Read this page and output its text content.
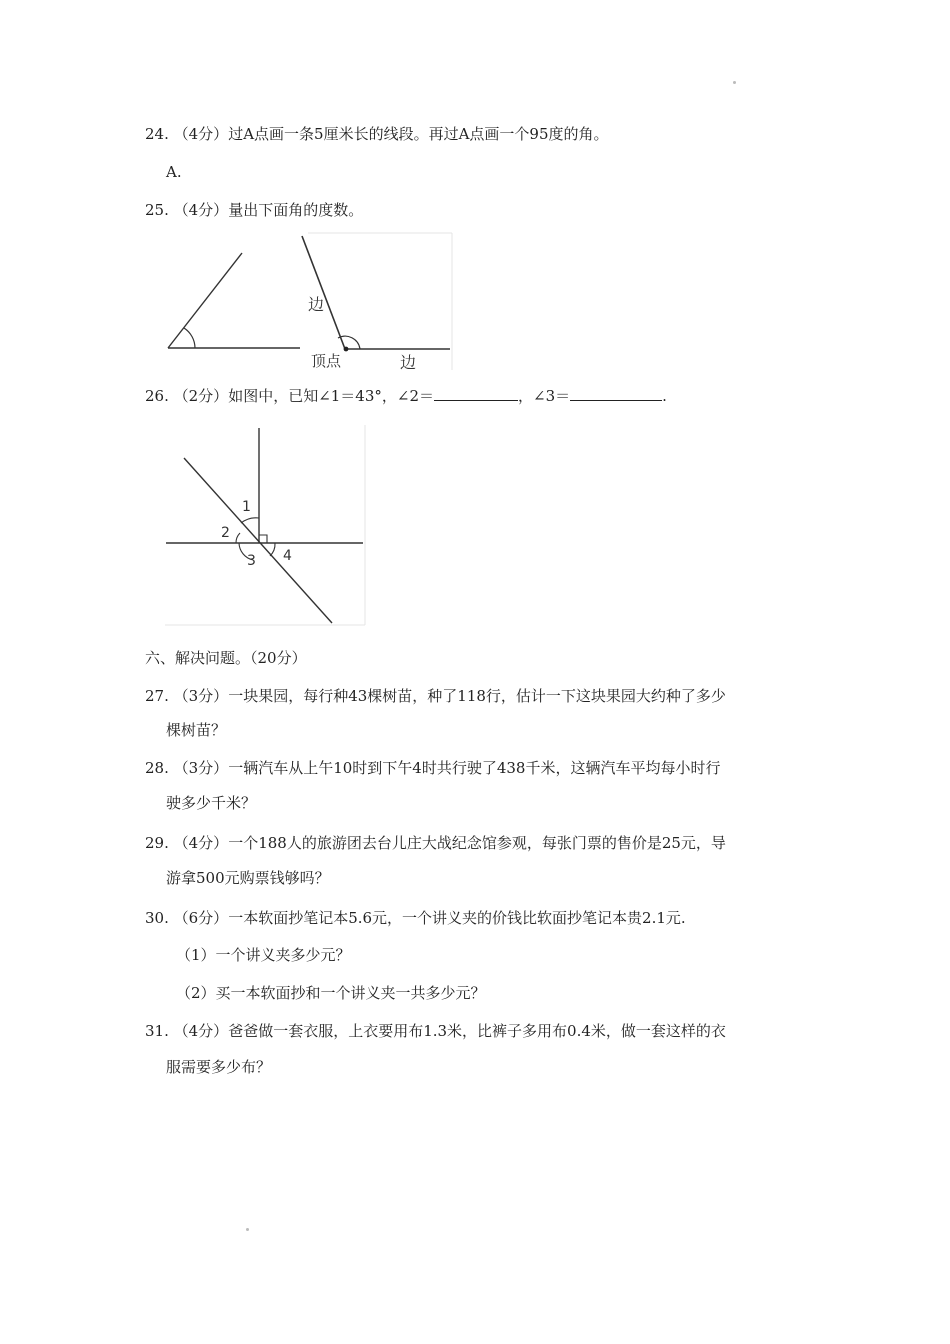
24. （4分）过A点画一条5厘米长的线段。再过A点画一个95度的角。
A.
25. （4分）量出下面角的度数。
边
顶点	边
26. （2分）如图中，已知∠1＝43°，∠2＝	，∠3＝	.
1
2
3 4
六、解决问题。（20分）
27. （3分）一块果园，每行种43棵树苗，种了118行，估计一下这块果园大约种了多少
棵树苗？
28. （3分）一辆汽车从上午10时到下午4时共行驶了438千米，这辆汽车平均每小时行
驶多少千米？
29. （4分）一个188人的旅游团去台儿庄大战纪念馆参观，每张门票的售价是25元，导
游拿500元购票钱够吗？
30. （6分）一本软面抄笔记本5.6元，一个讲义夹的价钱比软面抄笔记本贵2.1元.
（1）一个讲义夹多少元？
（2）买一本软面抄和一个讲义夹一共多少元？
31. （4分）爸爸做一套衣服，上衣要用布1.3米，比裤子多用布0.4米，做一套这样的衣
服需要多少布？
